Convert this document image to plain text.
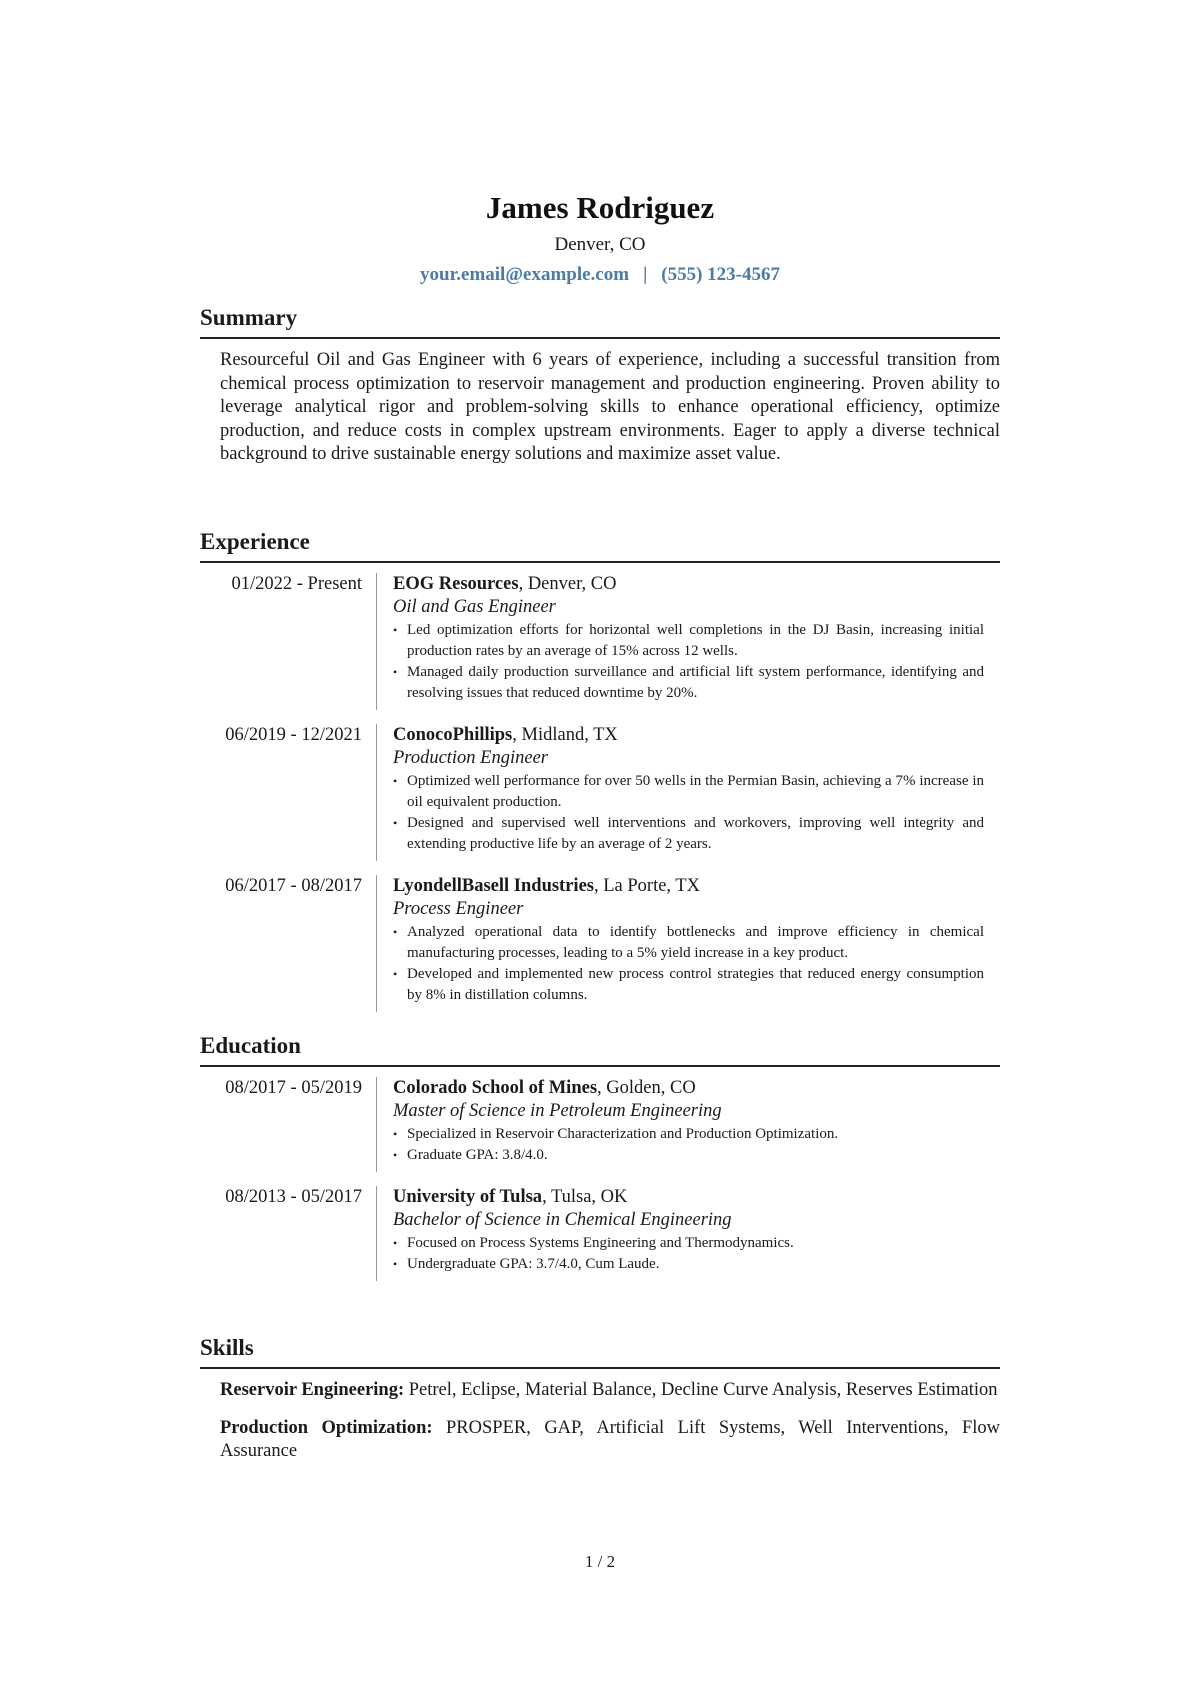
James Rodriguez
Denver, CO
your.email@example.com | (555) 123-4567
Summary

Resourceful Oil and Gas Engineer with 6 years of experience, including a successful transition from chemical process optimization to reservoir management and production engineering. Proven ability to leverage analytical rigor and problem-solving skills to enhance operational efficiency, optimize production, and reduce costs in complex upstream environments. Eager to apply a diverse technical background to drive sustainable energy solutions and maximize asset value.

Experience
01/2022 - Present	EOG Resources, Denver, CO
Oil and Gas Engineer
• Led optimization efforts for horizontal well completions in the DJ Basin, increasing initial production rates by an average of 15% across 12 wells.
• Managed daily production surveillance and artificial lift system performance, identifying and resolving issues that reduced downtime by 20%.
06/2019 - 12/2021	ConocoPhillips, Midland, TX
Production Engineer
• Optimized well performance for over 50 wells in the Permian Basin, achieving a 7% increase in oil equivalent production.
• Designed and supervised well interventions and workovers, improving well integrity and extending productive life by an average of 2 years.
06/2017 - 08/2017	LyondellBasell Industries, La Porte, TX
Process Engineer
• Analyzed operational data to identify bottlenecks and improve efficiency in chemical manufacturing processes, leading to a 5% yield increase in a key product.
• Developed and implemented new process control strategies that reduced energy consumption by 8% in distillation columns.
Education
08/2017 - 05/2019	Colorado School of Mines, Golden, CO
Master of Science in Petroleum Engineering
• Specialized in Reservoir Characterization and Production Optimization.
• Graduate GPA: 3.8/4.0.
08/2013 - 05/2017	University of Tulsa, Tulsa, OK
Bachelor of Science in Chemical Engineering
• Focused on Process Systems Engineering and Thermodynamics.
• Undergraduate GPA: 3.7/4.0, Cum Laude.
Skills

Reservoir Engineering: Petrel, Eclipse, Material Balance, Decline Curve Analysis, Reserves Estimation

Production Optimization: PROSPER, GAP, Artificial Lift Systems, Well Interventions, Flow Assurance

1 / 2
